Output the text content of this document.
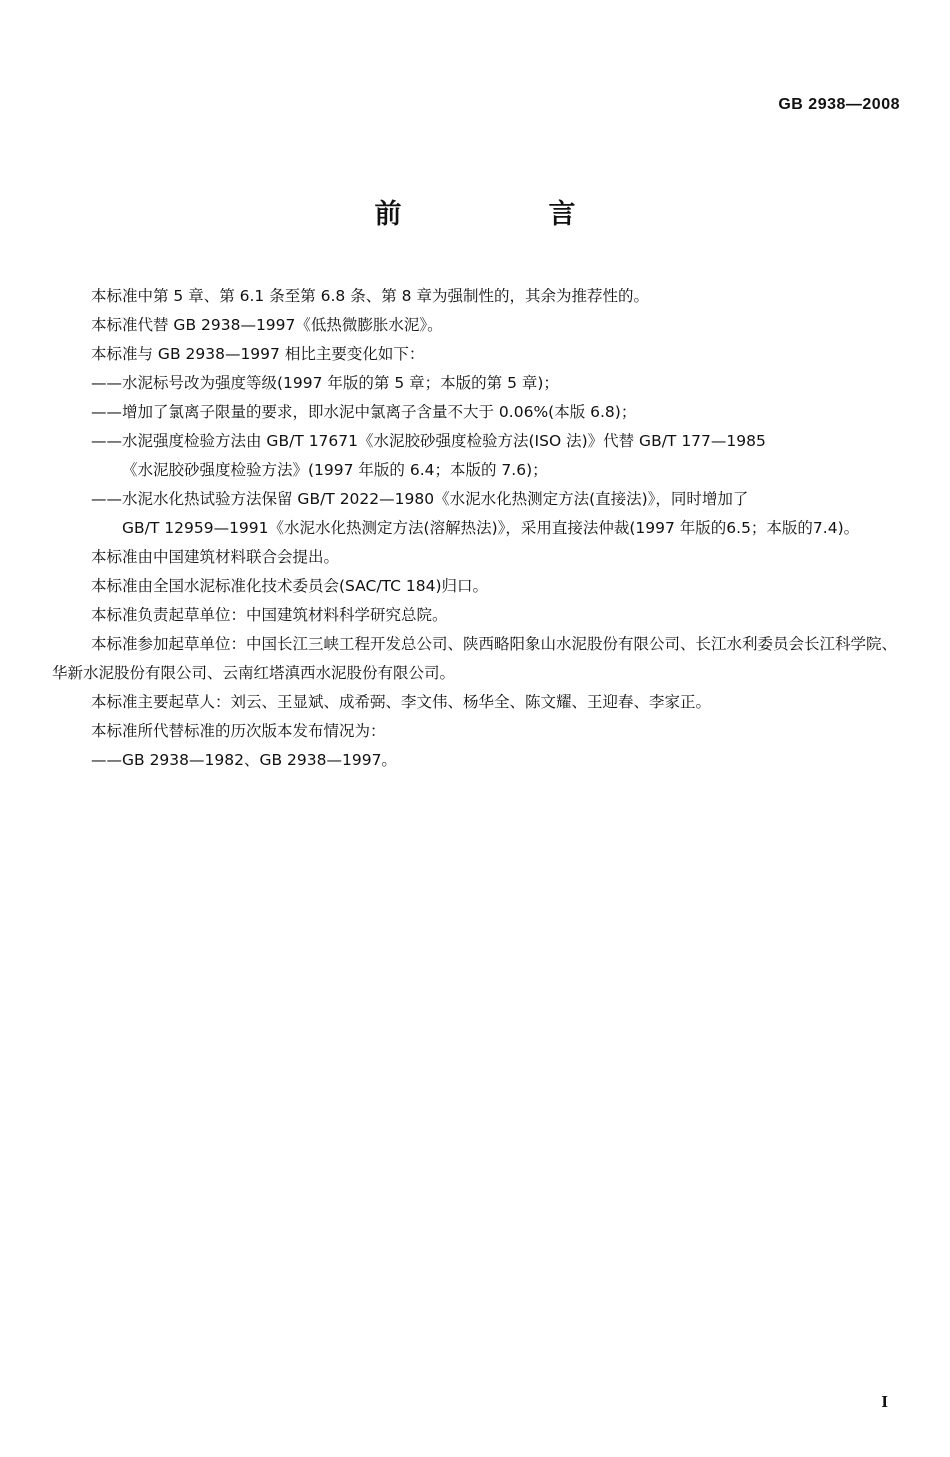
GB 2938—2008
前　言

本标准中第 5 章、第 6.1 条至第 6.8 条、第 8 章为强制性的，其余为推荐性的。

本标准代替 GB 2938—1997《低热微膨胀水泥》。

本标准与 GB 2938—1997 相比主要变化如下：

——水泥标号改为强度等级(1997 年版的第 5 章；本版的第 5 章)；
——增加了氯离子限量的要求，即水泥中氯离子含量不大于 0.06%(本版 6.8)；
——水泥强度检验方法由 GB/T 17671《水泥胶砂强度检验方法(ISO 法)》代替 GB/T 177—1985
《水泥胶砂强度检验方法》(1997 年版的 6.4；本版的 7.6)；
——水泥水化热试验方法保留 GB/T 2022—1980《水泥水化热测定方法(直接法)》，同时增加了
GB/T 12959—1991《水泥水化热测定方法(溶解热法)》，采用直接法仲裁(1997 年版的6.5；本版的7.4)。

本标准由中国建筑材料联合会提出。

本标准由全国水泥标准化技术委员会(SAC/TC 184)归口。

本标准负责起草单位：中国建筑材料科学研究总院。

本标准参加起草单位：中国长江三峡工程开发总公司、陕西略阳象山水泥股份有限公司、长江水利委员会长江科学院、华新水泥股份有限公司、云南红塔滇西水泥股份有限公司。

本标准主要起草人：刘云、王显斌、成希弼、李文伟、杨华全、陈文耀、王迎春、李家正。

本标准所代替标准的历次版本发布情况为：

——GB 2938—1982、GB 2938—1997。
I
